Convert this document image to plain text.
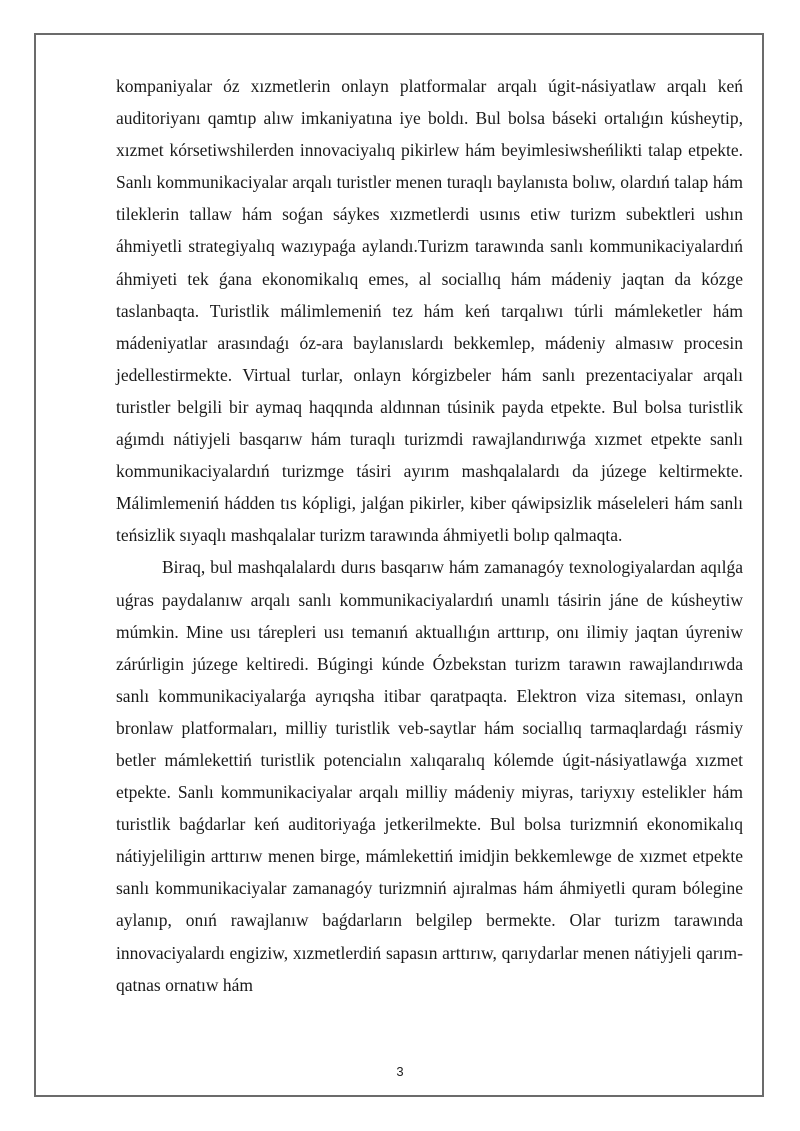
kompaniyalar óz xızmetlerin onlayn platformalar arqalı úgit-násiyatlaw arqalı keń auditoriyanı qamtıp alıw imkaniyatına iye boldı. Bul bolsa báseki ortalıǵın kúsheytip, xızmet kórsetiwshilerden innovaciyalıq pikirlew hám beyimlesiwsheńlikti talap etpekte. Sanlı kommunikaciyalar arqalı turistler menen turaqlı baylanısta bolıw, olardıń talap hám tileklerin tallaw hám soǵan sáykes xızmetlerdi usınıs etiw turizm subektleri ushın áhmiyetli strategiyalıq wazıypaǵa aylandı.Turizm tarawında sanlı kommunikaciyalardıń áhmiyeti tek ǵana ekonomikalıq emes, al sociallıq hám mádeniy jaqtan da kózge taslanbaqta. Turistlik málimlemeniń tez hám keń tarqalıwı túrli mámleketler hám mádeniyatlar arasındaǵı óz-ara baylanıslardı bekkemlep, mádeniy almasıw procesin jedellestirmekte. Virtual turlar, onlayn kórgizbeler hám sanlı prezentaciyalar arqalı turistler belgili bir aymaq haqqında aldınnan túsinik payda etpekte. Bul bolsa turistlik aǵımdı nátiyjeli basqarıw hám turaqlı turizmdi rawajlandırıwǵa xızmet etpekte sanlı kommunikaciyalardıń turizmge tásiri ayırım mashqalalardı da júzege keltirmekte. Málimlemeniń hádden tıs kópligi, jalǵan pikirler, kiber qáwipsizlik máseleleri hám sanlı teńsizlik sıyaqlı mashqalalar turizm tarawında áhmiyetli bolıp qalmaqta.

Biraq, bul mashqalalardı durıs basqarıw hám zamanagóy texnologiyalardan aqılǵa uǵras paydalanıw arqalı sanlı kommunikaciyalardıń unamlı tásirin jáne de kúsheytiw múmkin. Mine usı tárepleri usı temanıń aktuallıǵın arttırıp, onı ilimiy jaqtan úyreniw zárúrligin júzege keltiredi. Búgingi kúnde Ózbekstan turizm tarawın rawajlandırıwda sanlı kommunikaciyalarǵa ayrıqsha itibar qaratpaqta. Elektron viza siteması, onlayn bronlaw platformaları, milliy turistlik veb-saytlar hám sociallıq tarmaqlardaǵı rásmiy betler mámlekettiń turistlik potencialın xalıqaralıq kólemde úgit-násiyatlawǵa xızmet etpekte. Sanlı kommunikaciyalar arqalı milliy mádeniy miyras, tariyxıy estelikler hám turistlik baǵdarlar keń auditoriyaǵa jetkerilmekte. Bul bolsa turizmniń ekonomikalıq nátiyjeliligin arttırıw menen birge, mámlekettiń imidjin bekkemlewge de xızmet etpekte sanlı kommunikaciyalar zamanagóy turizmniń ajıralmas hám áhmiyetli quram bólegine aylanıp, onıń rawajlanıw baǵdarların belgilep bermekte. Olar turizm tarawında innovaciyalardı engiziw, xızmetlerdiń sapasın arttırıw, qarıydarlar menen nátiyjeli qarım-qatnas ornatıw hám

3
